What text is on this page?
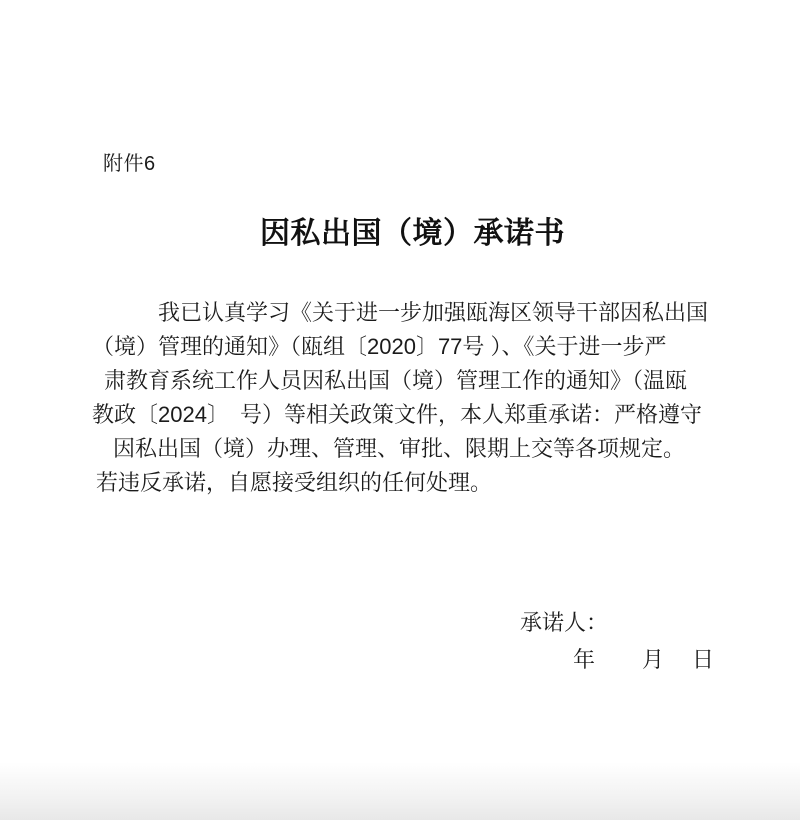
附件6
因私出国（境）承诺书
我已认真学习《关于进一步加强瓯海区领导干部因私出国
（境）管理的通知》（瓯组〔2020〕77号 ）、《关于进一步严
肃教育系统工作人员因私出国（境）管理工作的通知》（温瓯
教政〔2024〕　号）等相关政策文件，本人郑重承诺：严格遵守
因私出国（境）办理、管理、审批、限期上交等各项规定。
若违反承诺，自愿接受组织的任何处理。
承诺人：
年 月 日
